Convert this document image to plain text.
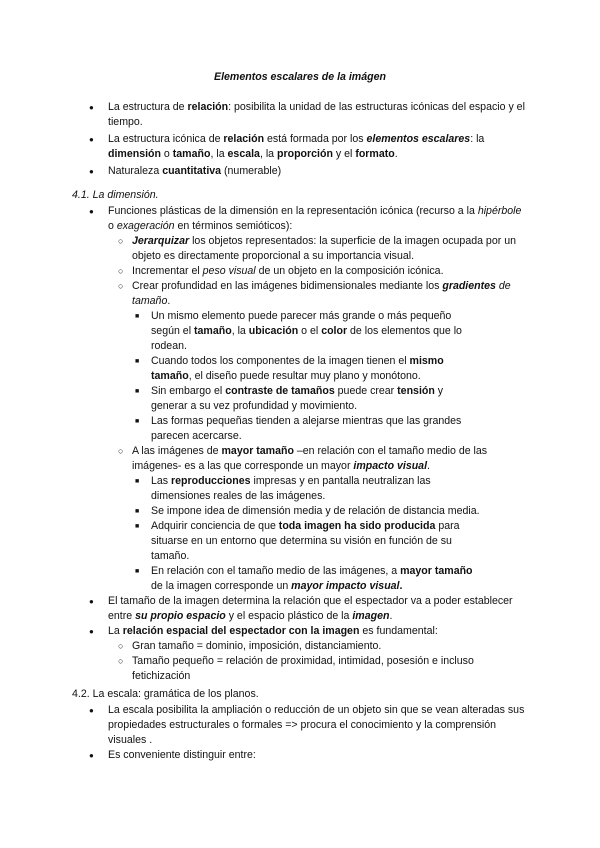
Elementos escalares de la imágen
● La estructura de relación: posibilita la unidad de las estructuras icónicas del espacio y el tiempo.
● La estructura icónica de relación está formada por los elementos escalares: la dimensión o tamaño, la escala, la proporción y el formato.
● Naturaleza cuantitativa (numerable)
4.1. La dimensión.
● Funciones plásticas de la dimensión en la representación icónica (recurso a la hipérbole o exageración en términos semióticos):
○ Jerarquizar los objetos representados: la superficie de la imagen ocupada por un objeto es directamente proporcional a su importancia visual.
○ Incrementar el peso visual de un objeto en la composición icónica.
○ Crear profundidad en las imágenes bidimensionales mediante los gradientes de tamaño.
■ Un mismo elemento puede parecer más grande o más pequeño según el tamaño, la ubicación o el color de los elementos que lo rodean.
■ Cuando todos los componentes de la imagen tienen el mismo tamaño, el diseño puede resultar muy plano y monótono.
■ Sin embargo el contraste de tamaños puede crear tensión y generar a su vez profundidad y movimiento.
■ Las formas pequeñas tienden a alejarse mientras que las grandes parecen acercarse.
○ A las imágenes de mayor tamaño –en relación con el tamaño medio de las imágenes- es a las que corresponde un mayor impacto visual.
■ Las reproducciones impresas y en pantalla neutralizan las dimensiones reales de las imágenes.
■ Se impone idea de dimensión media y de relación de distancia media.
■ Adquirir conciencia de que toda imagen ha sido producida para situarse en un entorno que determina su visión en función de su tamaño.
■ En relación con el tamaño medio de las imágenes, a mayor tamaño de la imagen corresponde un mayor impacto visual.
● El tamaño de la imagen determina la relación que el espectador va a poder establecer entre su propio espacio y el espacio plástico de la imagen.
● La relación espacial del espectador con la imagen es fundamental:
○ Gran tamaño = dominio, imposición, distanciamiento.
○ Tamaño pequeño = relación de proximidad, intimidad, posesión e incluso fetichización
4.2. La escala: gramática de los planos.
● La escala posibilita la ampliación o reducción de un objeto sin que se vean alteradas sus propiedades estructurales o formales => procura el conocimiento y la comprensión visuales .
● Es conveniente distinguir entre:
